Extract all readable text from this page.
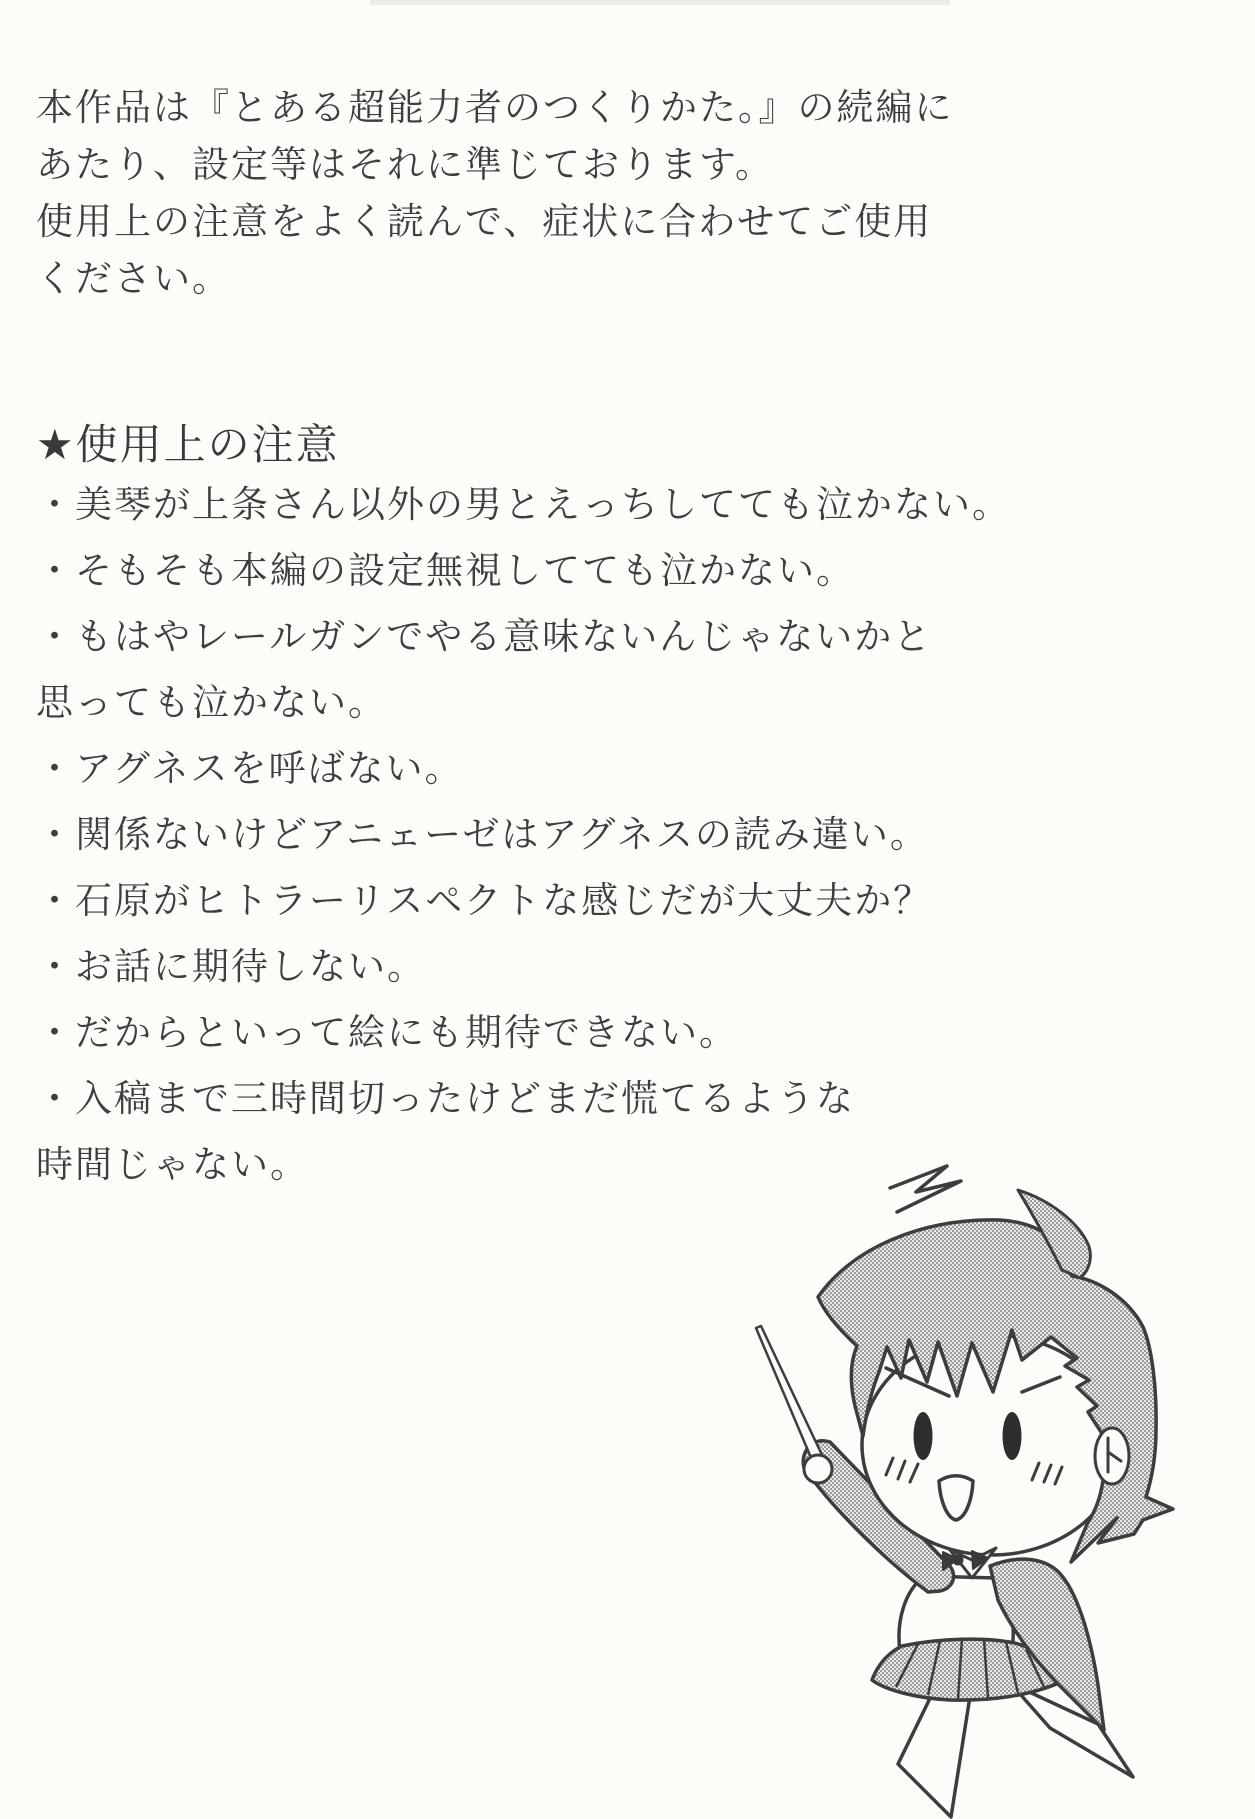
本作品は『とある超能力者のつくりかた。』の続編に
あたり、設定等はそれに準じております。
使用上の注意をよく読んで、症状に合わせてご使用
ください。
★使用上の注意
・美琴が上条さん以外の男とえっちしてても泣かない。
・そもそも本編の設定無視してても泣かない。
・もはやレールガンでやる意味ないんじゃないかと
思っても泣かない。
・アグネスを呼ばない。
・関係ないけどアニェーゼはアグネスの読み違い。
・石原がヒトラーリスペクトな感じだが大丈夫か？
・お話に期待しない。
・だからといって絵にも期待できない。
・入稿まで三時間切ったけどまだ慌てるような
時間じゃない。
